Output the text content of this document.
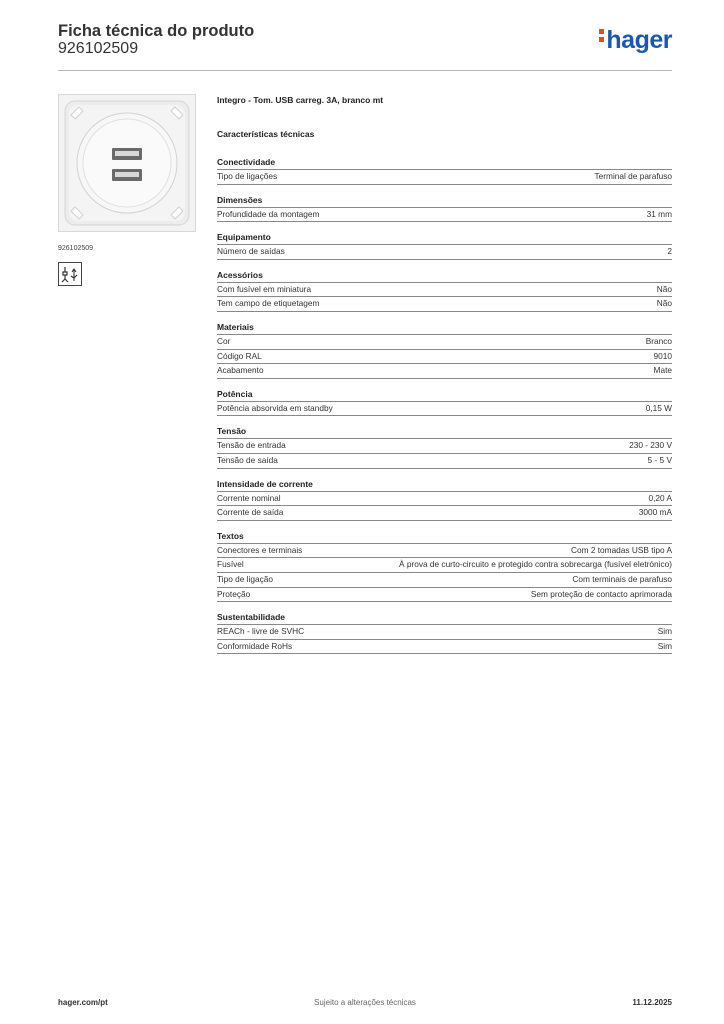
Ficha técnica do produto
926102509	hager
926102509
Integro - Tom. USB carreg. 3A, branco mt
Características técnicas
Conectividade
Tipo de ligações	Terminal de parafuso
Dimensões
Profundidade da montagem	31 mm
Equipamento
Número de saídas	2
Acessórios
Com fusível em miniatura	Não
Tem campo de etiquetagem	Não
Materiais
Cor	Branco
Código RAL	9010
Acabamento	Mate
Potência
Potência absorvida em standby	0,15 W
Tensão
Tensão de entrada	230 - 230 V
Tensão de saída	5 - 5 V
Intensidade de corrente
Corrente nominal	0,20 A
Corrente de saída	3000 mA
Textos
Conectores e terminais	Com 2 tomadas USB tipo A
Fusível	À prova de curto-circuito e protegido contra sobrecarga (fusível eletrónico)
Tipo de ligação	Com terminais de parafuso
Proteção	Sem proteção de contacto aprimorada
Sustentabilidade
REACh - livre de SVHC	Sim
Conformidade RoHs	Sim
hager.com/pt	Sujeito a alterações técnicas	11.12.2025
